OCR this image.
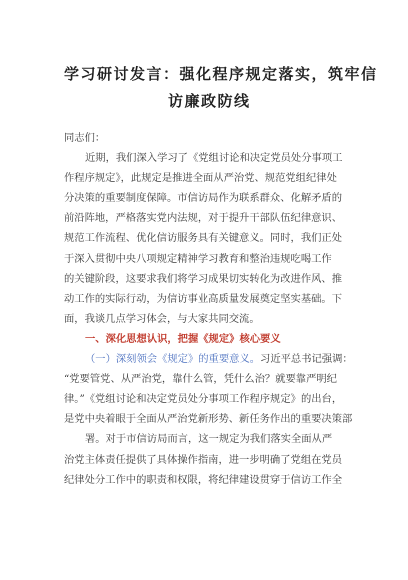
学习研讨发言：强化程序规定落实，筑牢信
访廉政防线
同志们：
近期，我们深入学习了《党组讨论和决定党员处分事项工
作程序规定》，此规定是推进全面从严治党、规范党组纪律处
分决策的重要制度保障。市信访局作为联系群众、化解矛盾的
前沿阵地，严格落实党内法规，对于提升干部队伍纪律意识、
规范工作流程、优化信访服务具有关键意义。同时，我们正处
于深入贯彻中央八项规定精神学习教育和整治违规吃喝工作
的关键阶段，这要求我们将学习成果切实转化为改进作风、推
动工作的实际行动，为信访事业高质量发展奠定坚实基础。下
面，我谈几点学习体会，与大家共同交流。
一、深化思想认识，把握《规定》核心要义
（一）深刻领会《规定》的重要意义。习近平总书记强调：
“党要管党、从严治党，靠什么管，凭什么治？就要靠严明纪
律。”《党组讨论和决定党员处分事项工作程序规定》的出台，
是党中央着眼于全面从严治党新形势、新任务作出的重要决策部
署。对于市信访局而言，这一规定为我们落实全面从严
治党主体责任提供了具体操作指南，进一步明确了党组在党员
纪律处分工作中的职责和权限，将纪律建设贯穿于信访工作全
